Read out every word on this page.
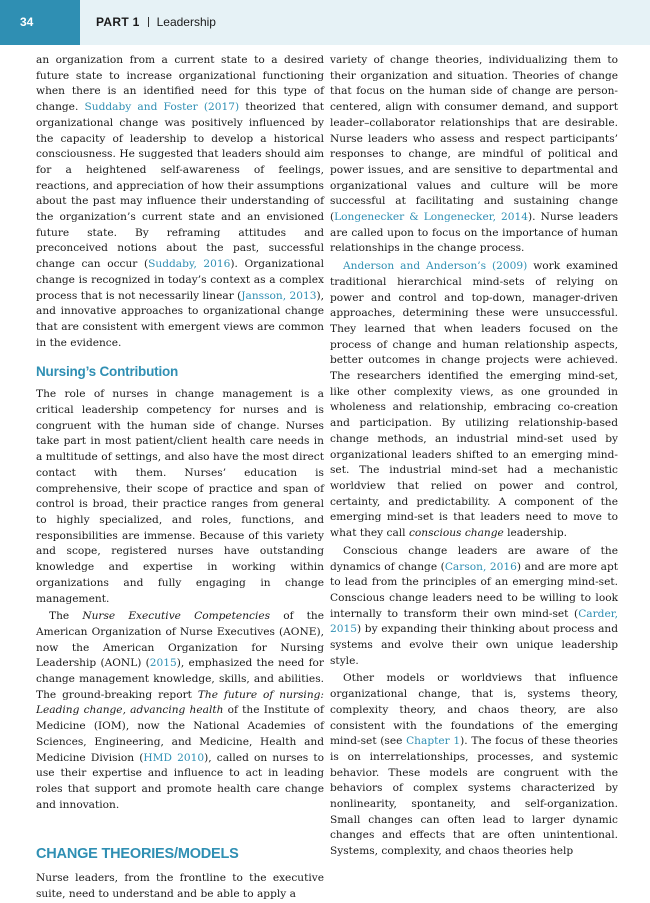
34	PART 1 Leadership

an organization from a current state to a desired future state to increase organizational functioning when there is an identified need for this type of change. Suddaby and Foster (2017) theorized that organizational change was positively influenced by the capacity of leadership to develop a historical consciousness. He suggested that leaders should aim for a heightened self-awareness of feelings, reactions, and appreciation of how their assumptions about the past may influence their understanding of the organization’s current state and an envisioned future state. By reframing attitudes and preconceived notions about the past, successful change can occur (Suddaby, 2016). Organizational change is recognized in today’s context as a complex process that is not necessarily linear (Jansson, 2013), and innovative approaches to organizational change that are consistent with emergent views are common in the evidence.

Nursing’s Contribution

The role of nurses in change management is a critical leadership competency for nurses and is congruent with the human side of change. Nurses take part in most patient/client health care needs in a multitude of settings, and also have the most direct contact with them. Nurses’ education is comprehensive, their scope of practice and span of control is broad, their practice ranges from general to highly specialized, and roles, functions, and responsibilities are immense. Because of this variety and scope, registered nurses have outstanding knowledge and expertise in working within organizations and fully engaging in change management.

The Nurse Executive Competencies of the American Organization of Nurse Executives (AONE), now the American Organization for Nursing Leadership (AONL) (2015), emphasized the need for change management knowledge, skills, and abilities. The ground-breaking report The future of nursing: Leading change, advancing health of the Institute of Medicine (IOM), now the National Academies of Sciences, Engineering, and Medicine, Health and Medicine Division (HMD 2010), called on nurses to use their expertise and influence to act in leading roles that support and promote health care change and innovation.

CHANGE THEORIES/MODELS

Nurse leaders, from the frontline to the executive suite, need to understand and be able to apply a

variety of change theories, individualizing them to their organization and situation. Theories of change that focus on the human side of change are person-centered, align with consumer demand, and support leader–collaborator relationships that are desirable. Nurse leaders who assess and respect participants’ responses to change, are mindful of political and power issues, and are sensitive to departmental and organizational values and culture will be more successful at facilitating and sustaining change (Longenecker & Longenecker, 2014). Nurse leaders are called upon to focus on the importance of human relationships in the change process.

Anderson and Anderson’s (2009) work examined traditional hierarchical mind-sets of relying on power and control and top-down, manager-driven approaches, determining these were unsuccessful. They learned that when leaders focused on the process of change and human relationship aspects, better outcomes in change projects were achieved. The researchers identified the emerging mind-set, like other complexity views, as one grounded in wholeness and relationship, embracing co-creation and participation. By utilizing relationship-based change methods, an industrial mind-set used by organizational leaders shifted to an emerging mind-set. The industrial mind-set had a mechanistic worldview that relied on power and control, certainty, and predictability. A component of the emerging mind-set is that leaders need to move to what they call conscious change leadership.

Conscious change leaders are aware of the dynamics of change (Carson, 2016) and are more apt to lead from the principles of an emerging mind-set. Conscious change leaders need to be willing to look internally to transform their own mind-set (Carder, 2015) by expanding their thinking about process and systems and evolve their own unique leadership style.

Other models or worldviews that influence organizational change, that is, systems theory, complexity theory, and chaos theory, are also consistent with the foundations of the emerging mind-set (see Chapter 1). The focus of these theories is on interrelationships, processes, and systemic behavior. These models are congruent with the behaviors of complex systems characterized by nonlinearity, spontaneity, and self-organization. Small changes can often lead to larger dynamic changes and effects that are often unintentional. Systems, complexity, and chaos theories help
